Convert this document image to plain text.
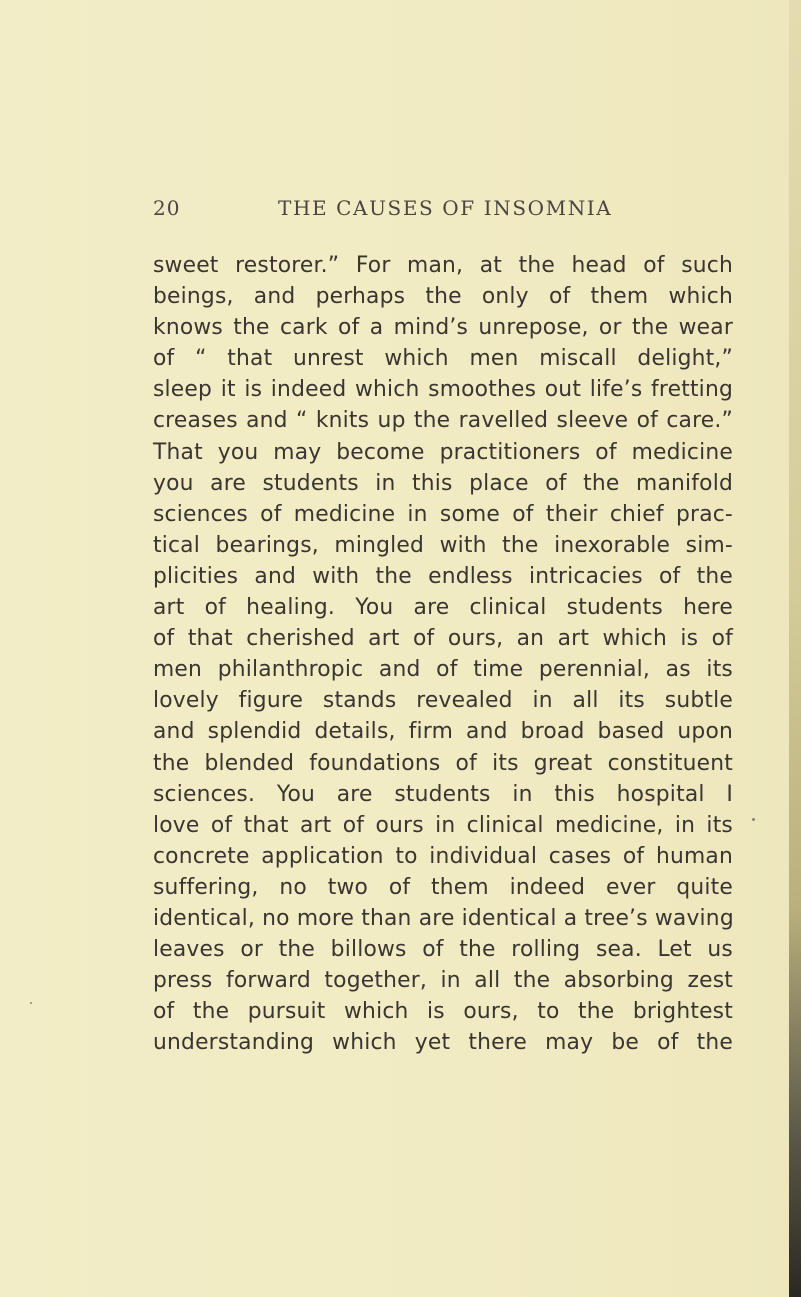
20	THE CAUSES OF INSOMNIA
sweet restorer.” For man, at the head of such
beings, and perhaps the only of them which
knows the cark of a mind’s unrepose, or the wear
of “ that unrest which men miscall delight,”
sleep it is indeed which smoothes out life’s fretting
creases and “ knits up the ravelled sleeve of care.”
That you may become practitioners of medicine
you are students in this place of the manifold
sciences of medicine in some of their chief prac-
tical bearings, mingled with the inexorable sim-
plicities and with the endless intricacies of the
art of healing. You are clinical students here
of that cherished art of ours, an art which is of
men philanthropic and of time perennial, as its
lovely figure stands revealed in all its subtle
and splendid details, firm and broad based upon
the blended foundations of its great constituent
sciences. You are students in this hospital I
love of that art of ours in clinical medicine, in its
concrete application to individual cases of human
suffering, no two of them indeed ever quite
identical, no more than are identical a tree’s waving
leaves or the billows of the rolling sea. Let us
press forward together, in all the absorbing zest
of the pursuit which is ours, to the brightest
understanding which yet there may be of the
